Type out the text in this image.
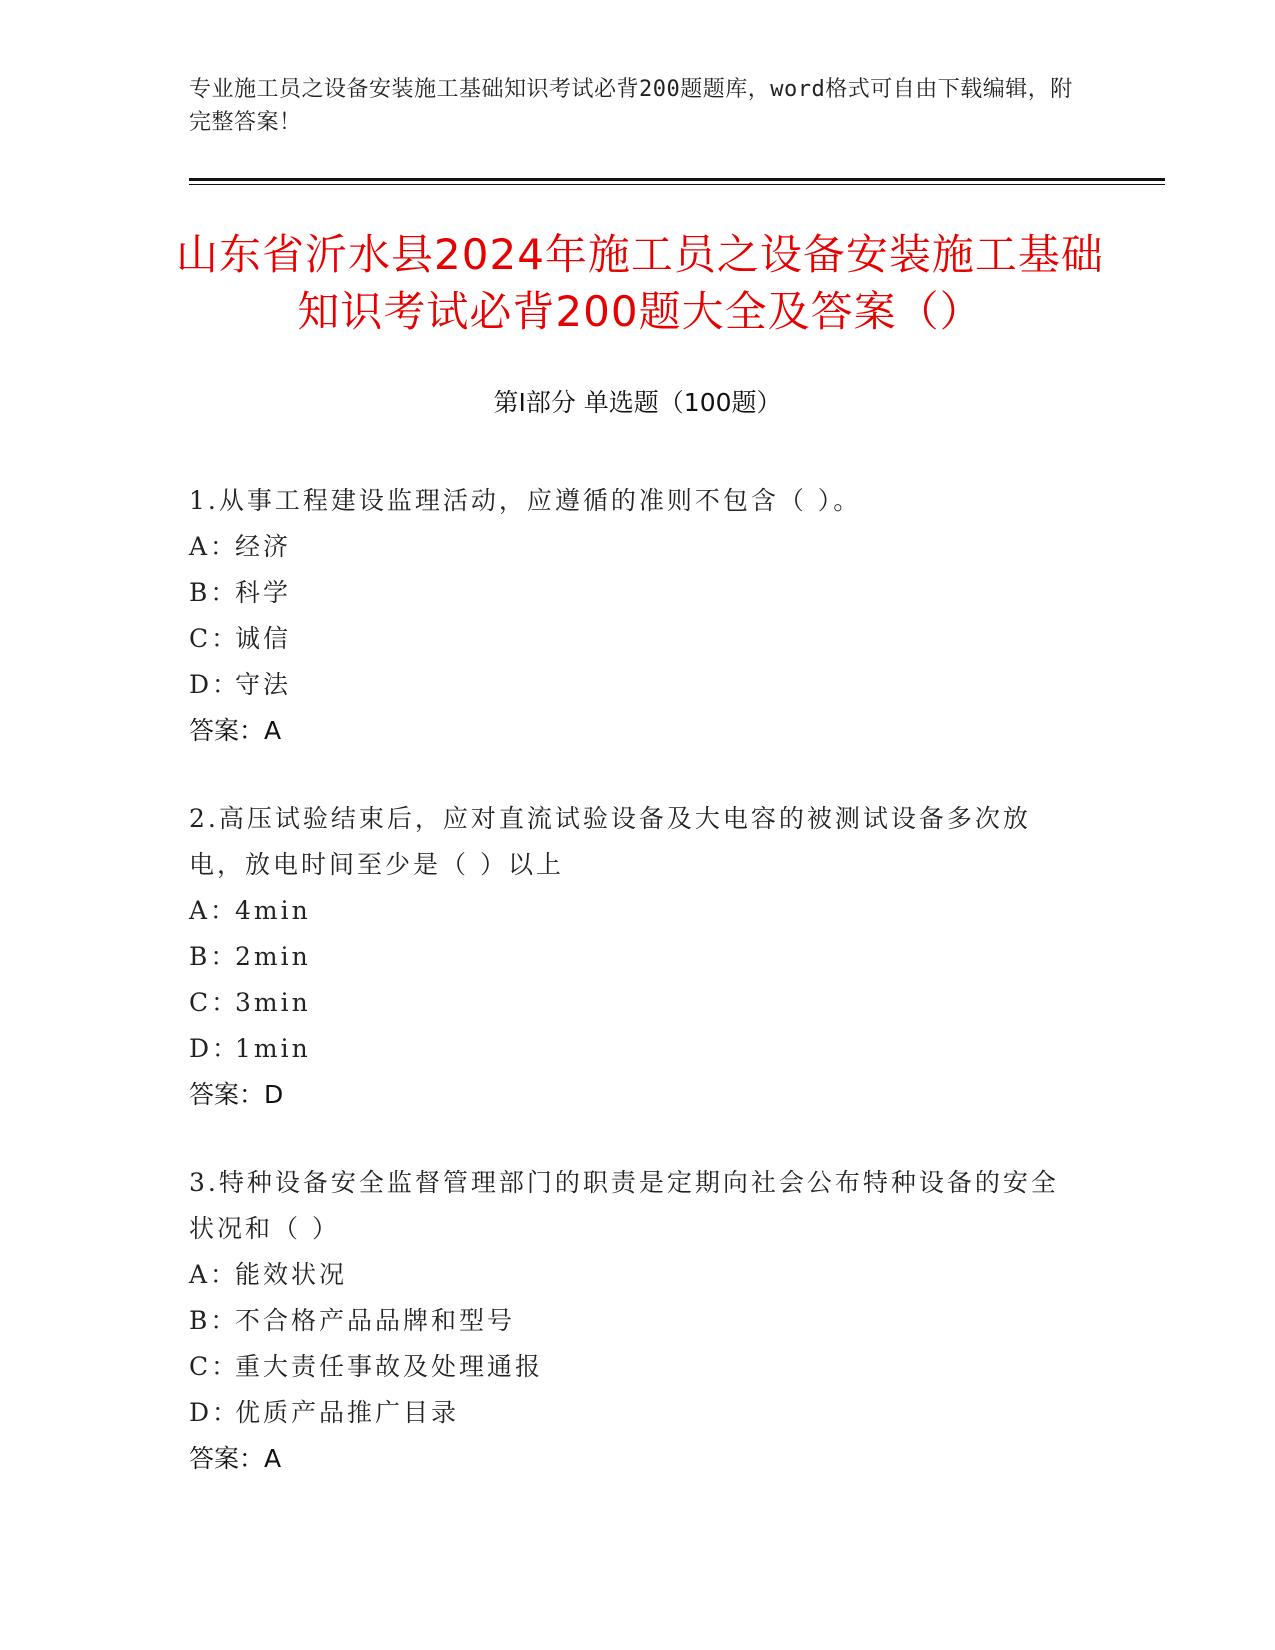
专业施工员之设备安装施工基础知识考试必背200题题库，word格式可自由下载编辑，附完整答案！
山东省沂水县2024年施工员之设备安装施工基础知识考试必背200题大全及答案（）
第Ⅰ部分 单选题（100题）
1.从事工程建设监理活动，应遵循的准则不包含（ ）。
A：经济
B：科学
C：诚信
D：守法
答案：A
2.高压试验结束后，应对直流试验设备及大电容的被测试设备多次放电，放电时间至少是（ ）以上
A：4min
B：2min
C：3min
D：1min
答案：D
3.特种设备安全监督管理部门的职责是定期向社会公布特种设备的安全状况和（ ）
A：能效状况
B：不合格产品品牌和型号
C：重大责任事故及处理通报
D：优质产品推广目录
答案：A
